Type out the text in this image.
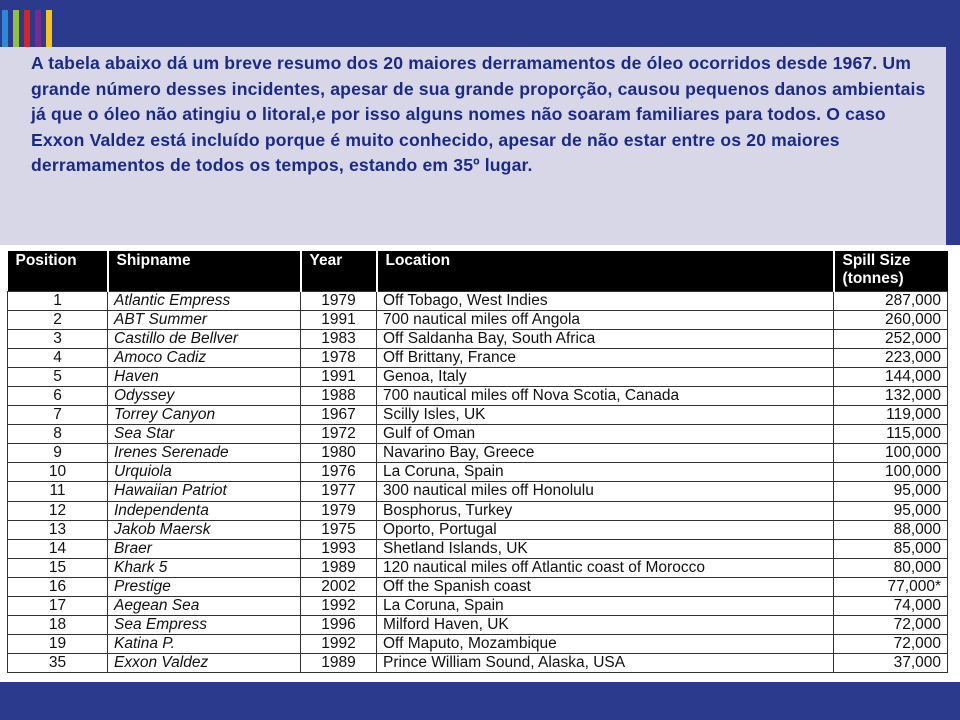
A tabela abaixo dá um breve resumo dos 20 maiores derramamentos de óleo ocorridos desde 1967. Um grande número desses incidentes, apesar de sua grande proporção, causou pequenos danos ambientais já que o óleo não atingiu o litoral,e por isso alguns nomes não soaram familiares para todos. O caso Exxon Valdez está incluído porque é muito conhecido, apesar de não estar entre os 20 maiores derramamentos de todos os tempos, estando em 35º lugar.

Position	Shipname	Year	Location	Spill Size
(tonnes)
1	Atlantic Empress	1979	Off Tobago, West Indies	287,000
2	ABT Summer	1991	700 nautical miles off Angola	260,000
3	Castillo de Bellver	1983	Off Saldanha Bay, South Africa	252,000
4	Amoco Cadiz	1978	Off Brittany, France	223,000
5	Haven	1991	Genoa, Italy	144,000
6	Odyssey	1988	700 nautical miles off Nova Scotia, Canada	132,000
7	Torrey Canyon	1967	Scilly Isles, UK	119,000
8	Sea Star	1972	Gulf of Oman	115,000
9	Irenes Serenade	1980	Navarino Bay, Greece	100,000
10	Urquiola	1976	La Coruna, Spain	100,000
11	Hawaiian Patriot	1977	300 nautical miles off Honolulu	95,000
12	Independenta	1979	Bosphorus, Turkey	95,000
13	Jakob Maersk	1975	Oporto, Portugal	88,000
14	Braer	1993	Shetland Islands, UK	85,000
15	Khark 5	1989	120 nautical miles off Atlantic coast of Morocco	80,000
16	Prestige	2002	Off the Spanish coast	77,000*
17	Aegean Sea	1992	La Coruna, Spain	74,000
18	Sea Empress	1996	Milford Haven, UK	72,000
19	Katina P.	1992	Off Maputo, Mozambique	72,000
35	Exxon Valdez	1989	Prince William Sound, Alaska, USA	37,000
